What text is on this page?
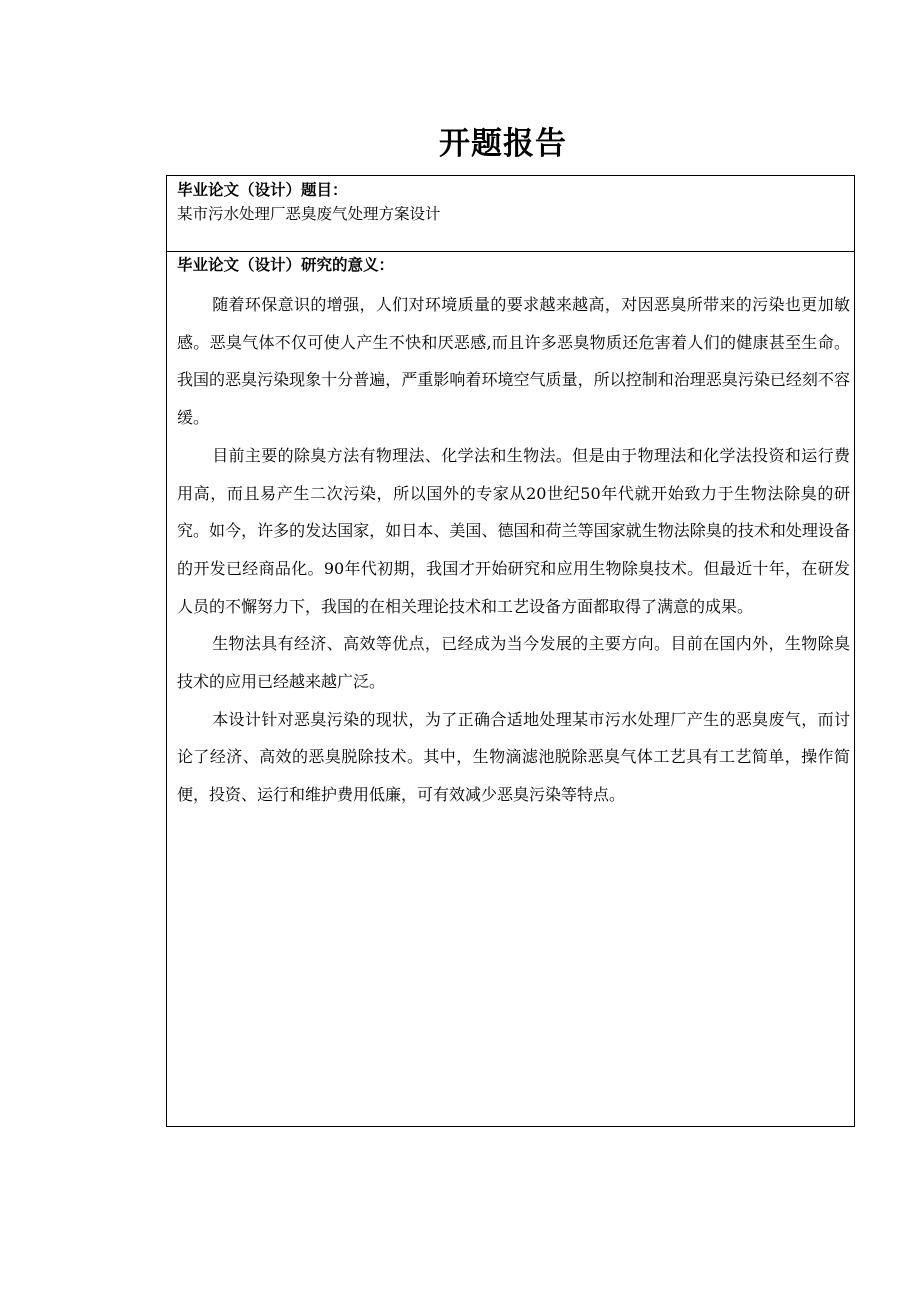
开题报告
毕业论文（设计）题目：
某市污水处理厂恶臭废气处理方案设计
毕业论文（设计）研究的意义：

随着环保意识的增强，人们对环境质量的要求越来越高，对因恶臭所带来的污染也更加敏感。恶臭气体不仅可使人产生不快和厌恶感,而且许多恶臭物质还危害着人们的健康甚至生命。我国的恶臭污染现象十分普遍，严重影响着环境空气质量，所以控制和治理恶臭污染已经刻不容缓。

目前主要的除臭方法有物理法、化学法和生物法。但是由于物理法和化学法投资和运行费用高，而且易产生二次污染，所以国外的专家从20世纪50年代就开始致力于生物法除臭的研究。如今，许多的发达国家，如日本、美国、德国和荷兰等国家就生物法除臭的技术和处理设备的开发已经商品化。90年代初期，我国才开始研究和应用生物除臭技术。但最近十年，在研发人员的不懈努力下，我国的在相关理论技术和工艺设备方面都取得了满意的成果。

生物法具有经济、高效等优点，已经成为当今发展的主要方向。目前在国内外，生物除臭技术的应用已经越来越广泛。

本设计针对恶臭污染的现状，为了正确合适地处理某市污水处理厂产生的恶臭废气，而讨论了经济、高效的恶臭脱除技术。其中，生物滴滤池脱除恶臭气体工艺具有工艺简单，操作简便，投资、运行和维护费用低廉，可有效减少恶臭污染等特点。
